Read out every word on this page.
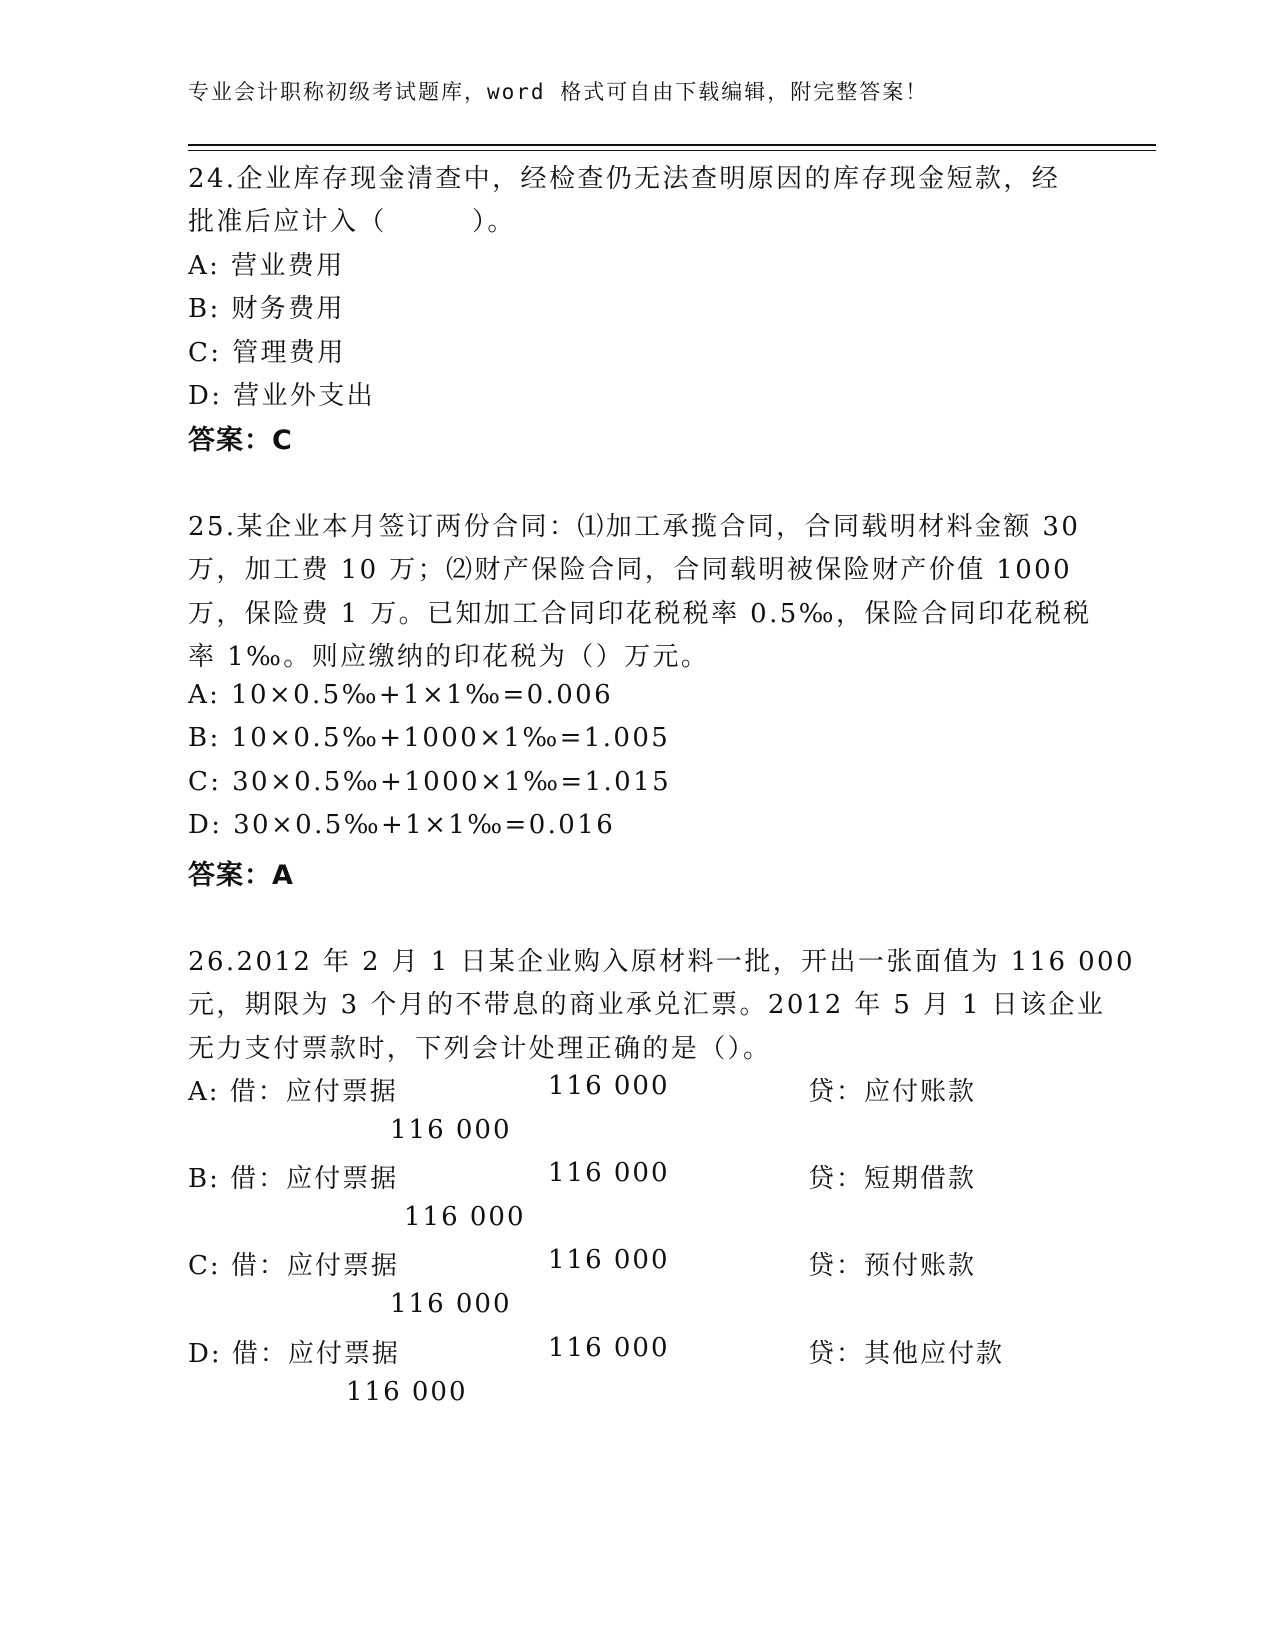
专业会计职称初级考试题库，word 格式可自由下载编辑，附完整答案！
24.企业库存现金清查中，经检查仍无法查明原因的库存现金短款，经
批准后应计入（　　　）。
A: 营业费用
B: 财务费用
C: 管理费用
D: 营业外支出
答案：C
25.某企业本月签订两份合同：⑴加工承揽合同，合同载明材料金额 30
万，加工费 10 万；⑵财产保险合同，合同载明被保险财产价值 1000
万，保险费 1 万。已知加工合同印花税税率 0.5‰，保险合同印花税税
率 1‰。则应缴纳的印花税为（）万元。
A: 10×0.5‰+1×1‰=0.006
B: 10×0.5‰+1000×1‰=1.005
C: 30×0.5‰+1000×1‰=1.015
D: 30×0.5‰+1×1‰=0.016
答案：A
26.2012 年 2 月 1 日某企业购入原材料一批，开出一张面值为 116 000
元，期限为 3 个月的不带息的商业承兑汇票。2012 年 5 月 1 日该企业
无力支付票款时，下列会计处理正确的是（）。
A: 借：应付票据	116 000	贷：应付账款
116 000
B: 借：应付票据	116 000	贷：短期借款
116 000
C: 借：应付票据	116 000	贷：预付账款
116 000
D: 借：应付票据	116 000	贷：其他应付款
116 000
